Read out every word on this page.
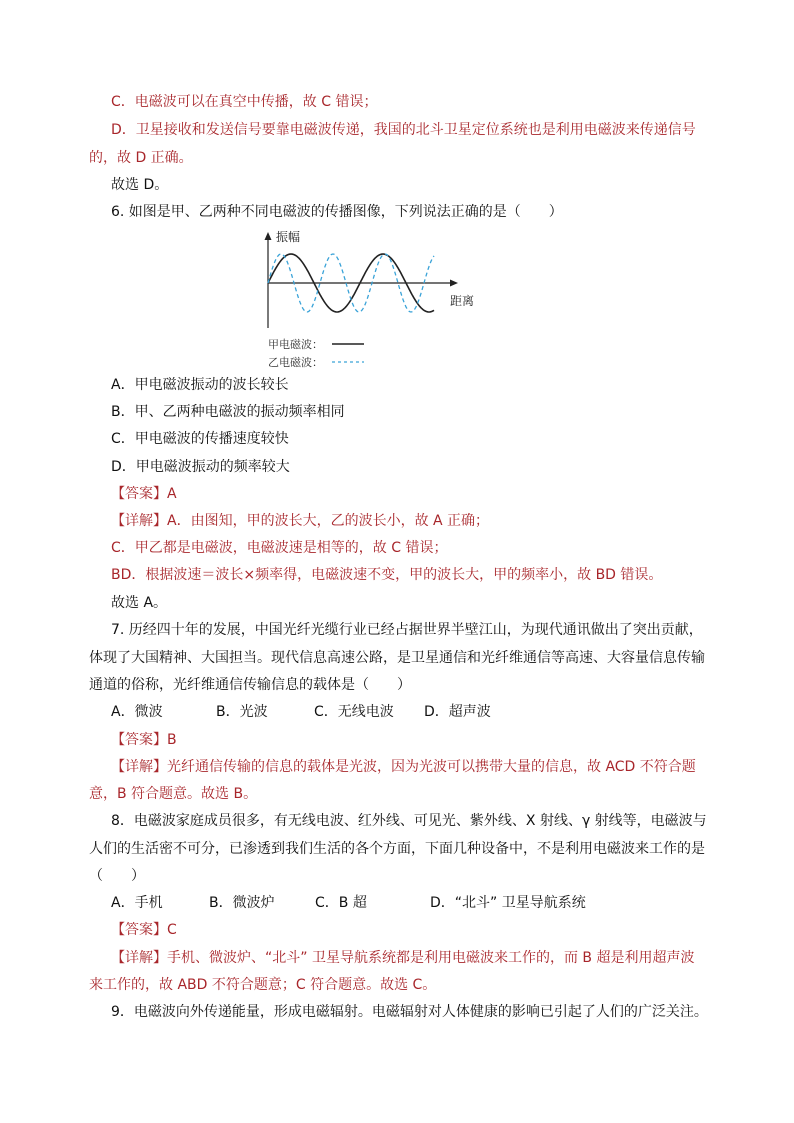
C．电磁波可以在真空中传播，故 C 错误；
D．卫星接收和发送信号要靠电磁波传递，我国的北斗卫星定位系统也是利用电磁波来传递信号
的，故 D 正确。
故选 D。
6. 如图是甲、乙两种不同电磁波的传播图像，下列说法正确的是（　　）
振幅
距离
甲电磁波：
乙电磁波：
A．甲电磁波振动的波长较长
B．甲、乙两种电磁波的振动频率相同
C．甲电磁波的传播速度较快
D．甲电磁波振动的频率较大
【答案】A
【详解】A．由图知，甲的波长大，乙的波长小，故 A 正确；
C．甲乙都是电磁波，电磁波速是相等的，故 C 错误；
BD．根据波速＝波长×频率得，电磁波速不变，甲的波长大，甲的频率小，故 BD 错误。
故选 A。
7. 历经四十年的发展，中国光纤光缆行业已经占据世界半壁江山，为现代通讯做出了突出贡献，
体现了大国精神、大国担当。现代信息高速公路，是卫星通信和光纤维通信等高速、大容量信息传输
通道的俗称，光纤维通信传输信息的载体是（　　）
A．微波	B．光波	C．无线电波 D．超声波
【答案】B
【详解】光纤通信传输的信息的载体是光波，因为光波可以携带大量的信息，故 ACD 不符合题
意，B 符合题意。故选 B。
8．电磁波家庭成员很多，有无线电波、红外线、可见光、紫外线、X 射线、γ 射线等，电磁波与
人们的生活密不可分，已渗透到我们生活的各个方面，下面几种设备中，不是利用电磁波来工作的是
（　　）
A．手机	B．微波炉	C．B 超	D．“北斗” 卫星导航系统
【答案】C
【详解】手机、微波炉、“北斗” 卫星导航系统都是利用电磁波来工作的，而 B 超是利用超声波
来工作的，故 ABD 不符合题意；C 符合题意。故选 C。
9．电磁波向外传递能量，形成电磁辐射。电磁辐射对人体健康的影响已引起了人们的广泛关注。
